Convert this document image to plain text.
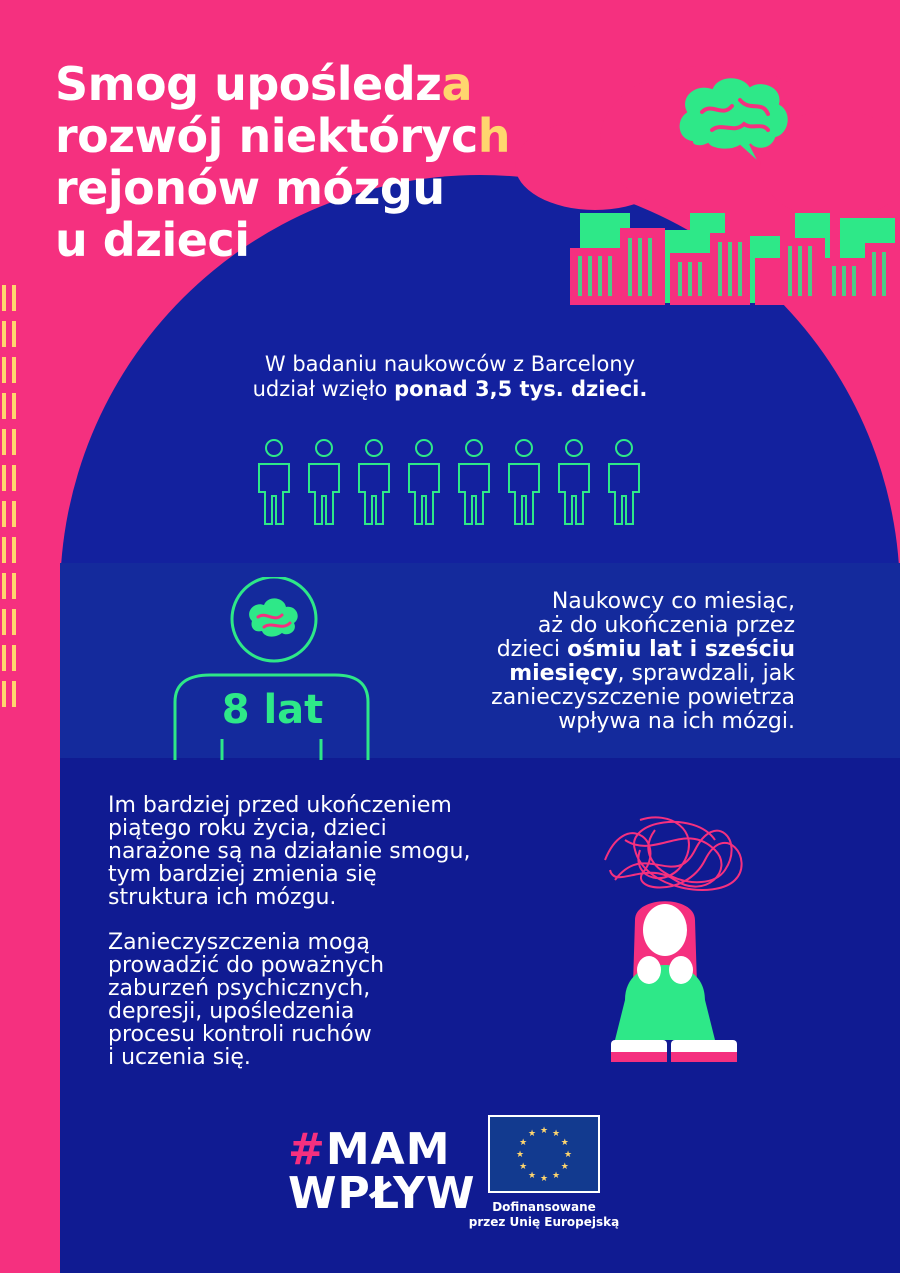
Smog upośledza
rozwój niektórych
rejonów mózgu
u dzieci
W badaniu naukowców z Barcelony
udział wzięło ponad 3,5 tys. dzieci.
8 lat
Naukowcy co miesiąc,
aż do ukończenia przez
dzieci ośmiu lat i sześciu
miesięcy, sprawdzali, jak
zanieczyszczenie powietrza
wpływa na ich mózgi.
Im bardziej przed ukończeniem
piątego roku życia, dzieci
narażone są na działanie smogu,
tym bardziej zmienia się
struktura ich mózgu.
Zanieczyszczenia mogą
prowadzić do poważnych
zaburzeń psychicznych,
depresji, upośledzenia
procesu kontroli ruchów
i uczenia się.
#MAM
WPŁYW
★ ★
★
★
★
★
★
★
★
★
★
★
Dofinansowane
przez Unię Europejską
